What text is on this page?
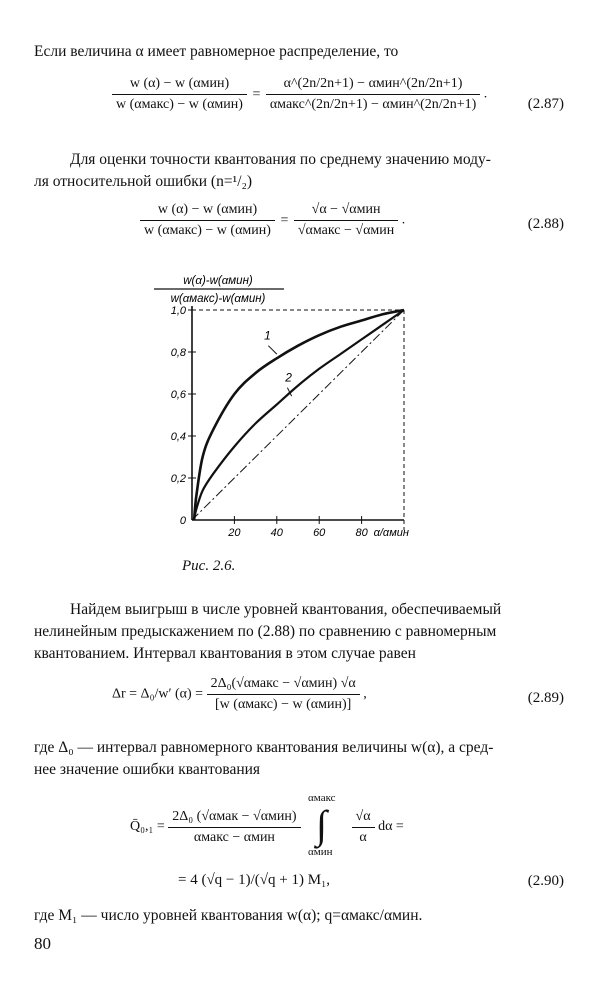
Если величина α имеет равномерное распределение, то
$\frac{\text{w (α) − w (αмин)}}{\text{w (αмакс) − w (αмин)}} = \frac{\text{α\textasciicircum{}(2n/2n+1) − αмин\textasciicircum{}(2n/2n+1)}}{\text{αмакс\textasciicircum{}(2n/2n+1) − αмин\textasciicircum{}(2n/2n+1)}}$ .
(2.87)
Для оценки точности квантования по среднему значению моду-
ля относительной ошибки (n=¹/₂)
$\frac{\text{w (α) − w (αмин)}}{\text{w (αмакс) − w (αмин)}} = \frac{\text{√α − √αмин}}{\text{√αмакс − √αмин}}$ .	(2.88)
w(α)-w(αмин)
w(αмакс)-w(αмин)
0
0,2
0,4
0,6
0,8
1,0
20	40	60	80 α/αмин
1
2
Рис. 2.6.
Найдем выигрыш в числе уровней квантования, обеспечиваемый
нелинейным предыскажением по (2.88) по сравнению с равномерным
квантованием. Интервал квантования в этом случае равен
Δr = Δ₀/w′ $(\alpha) = \frac{\text{2Δ₀(√αмакс − √αмин) √α}}{\text{[w (αмакс) − w (αмин)]}}$ ,	(2.89)
где Δ₀ — интервал равномерного квантования величины w(α), а сред-
нее значение ошибки квантования
Q̄₀,₁ = $\frac{\text{2Δ₀ (√αмак − √αмин)}}{\text{αмакс − αмин}}$

αмакс
∫
αмин

$\frac{√\alpha}{\alpha}$ dα =
= 4 (√q − 1)/(√q + 1) M₁,	(2.90)
где M₁ — число уровней квантования w(α); q=αмакс/αмин.
80
